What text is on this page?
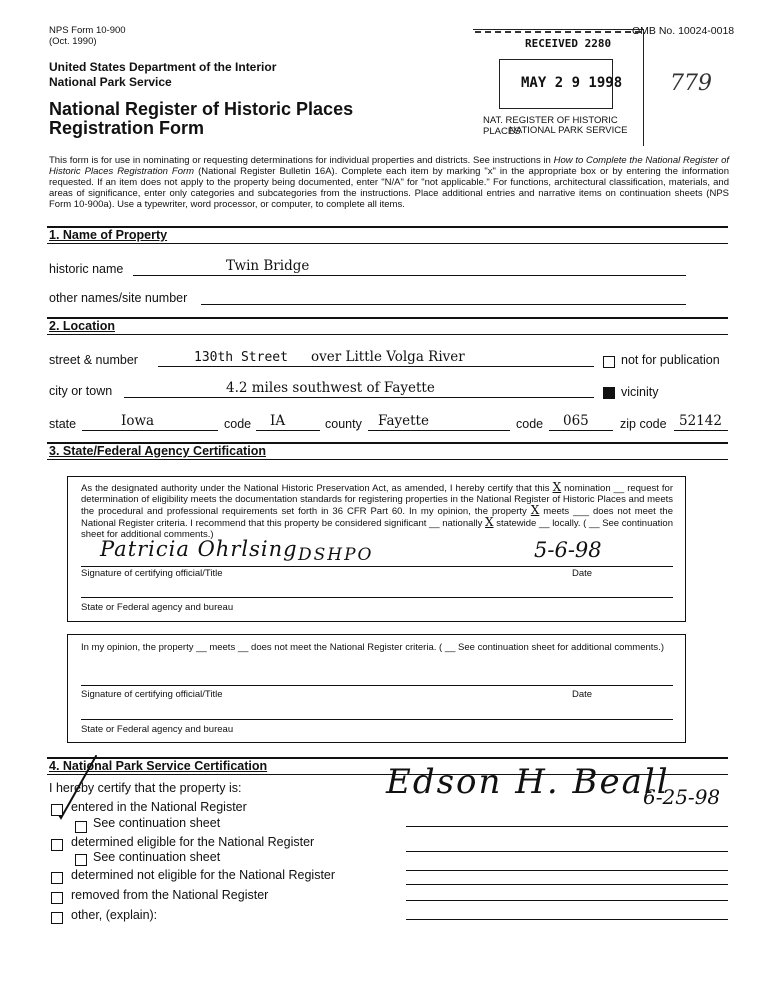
NPS Form 10-900
(Oct. 1990)
OMB No. 10024-0018
United States Department of the Interior
National Park Service
National Register of Historic Places
Registration Form
RECEIVED 2280
MAY 2 9 1998
NAT. REGISTER OF HISTORIC PLACES
NATIONAL PARK SERVICE
779
This form is for use in nominating or requesting determinations for individual properties and districts. See instructions in How to Complete the National Register of Historic Places Registration Form (National Register Bulletin 16A). Complete each item by marking "x" in the appropriate box or by entering the information requested. If an item does not apply to the property being documented, enter "N/A" for "not applicable." For functions, architectural classification, materials, and areas of significance, enter only categories and subcategories from the instructions. Place additional entries and narrative items on continuation sheets (NPS Form 10-900a). Use a typewriter, word processor, or computer, to complete all items.
1. Name of Property
historic name	Twin Bridge
other names/site number
2. Location
street & number	130th Street over Little Volga River	not for publication
city or town	4.2 miles southwest of Fayette	vicinity
state	Iowa	code IA	county Fayette	code 065 zip code 52142
3. State/Federal Agency Certification
As the designated authority under the National Historic Preservation Act, as amended, I hereby certify that this X nomination __ request for determination of eligibility meets the documentation standards for registering properties in the National Register of Historic Places and meets the procedural and professional requirements set forth in 36 CFR Part 60. In my opinion, the property X meets ___ does not meet the National Register criteria. I recommend that this property be considered significant __ nationally X statewide __ locally. ( __ See continuation sheet for additional comments.)
Patricia Ohrlsing DSHPO	5-6-98
Signature of certifying official/Title	Date
State or Federal agency and bureau
In my opinion, the property __ meets __ does not meet the National Register criteria. ( __ See continuation sheet for additional comments.)
Signature of certifying official/Title	Date
State or Federal agency and bureau
4. National Park Service Certification
I hereby certify that the property is:	Edson H. Beall
6-25-98
entered in the National Register
See continuation sheet
determined eligible for the National Register
See continuation sheet
determined not eligible for the National Register
removed from the National Register
other, (explain):
